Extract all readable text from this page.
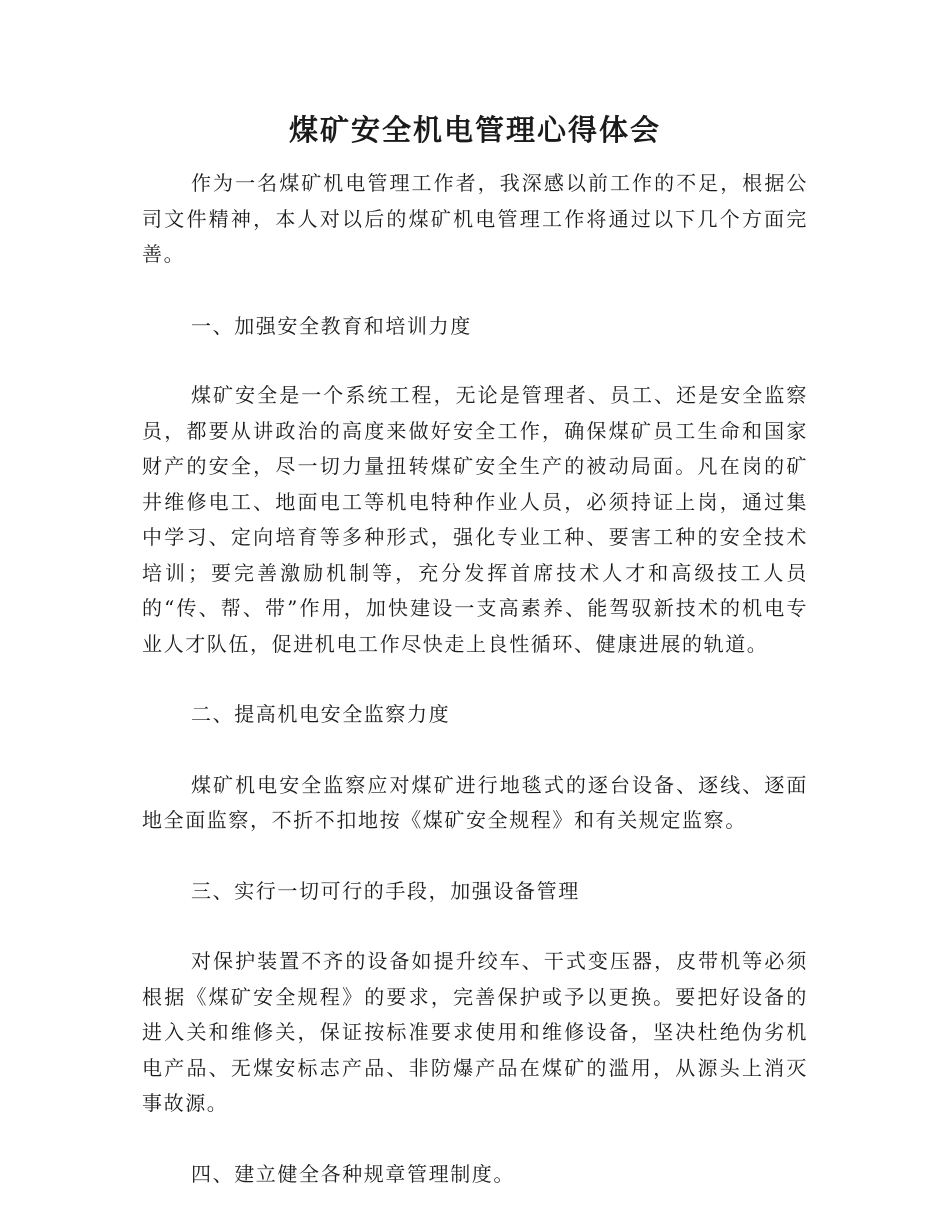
煤矿安全机电管理心得体会

作为一名煤矿机电管理工作者，我深感以前工作的不足，根据公司文件精神，本人对以后的煤矿机电管理工作将通过以下几个方面完善。

一、加强安全教育和培训力度

煤矿安全是一个系统工程，无论是管理者、员工、还是安全监察员，都要从讲政治的高度来做好安全工作，确保煤矿员工生命和国家财产的安全，尽一切力量扭转煤矿安全生产的被动局面。凡在岗的矿井维修电工、地面电工等机电特种作业人员，必须持证上岗，通过集中学习、定向培育等多种形式，强化专业工种、要害工种的安全技术培训；要完善激励机制等，充分发挥首席技术人才和高级技工人员的“传、帮、带”作用，加快建设一支高素养、能驾驭新技术的机电专业人才队伍，促进机电工作尽快走上良性循环、健康进展的轨道。

二、提高机电安全监察力度

煤矿机电安全监察应对煤矿进行地毯式的逐台设备、逐线、逐面地全面监察，不折不扣地按《煤矿安全规程》和有关规定监察。

三、实行一切可行的手段，加强设备管理

对保护装置不齐的设备如提升绞车、干式变压器，皮带机等必须根据《煤矿安全规程》的要求，完善保护或予以更换。要把好设备的进入关和维修关，保证按标准要求使用和维修设备，坚决杜绝伪劣机电产品、无煤安标志产品、非防爆产品在煤矿的滥用，从源头上消灭事故源。

四、建立健全各种规章管理制度。
